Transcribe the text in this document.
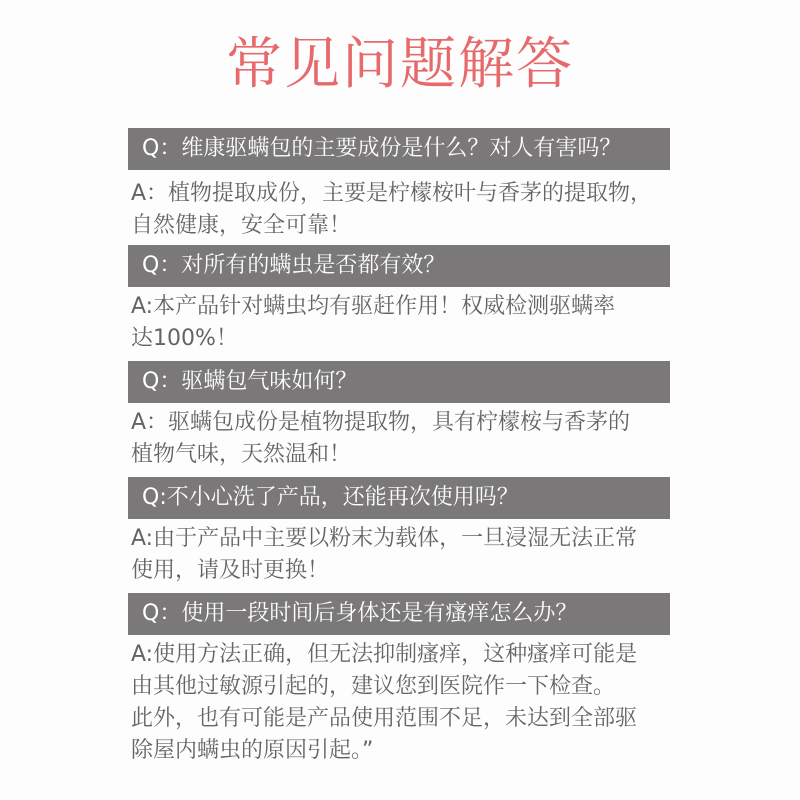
常见问题解答
Q：维康驱螨包的主要成份是什么？对人有害吗？
A：植物提取成份，主要是柠檬桉叶与香茅的提取物，
自然健康，安全可靠！
Q：对所有的螨虫是否都有效？
A:本产品针对螨虫均有驱赶作用！权威检测驱螨率
达100%！
Q：驱螨包气味如何？
A：驱螨包成份是植物提取物，具有柠檬桉与香茅的
植物气味，天然温和！
Q:不小心洗了产品，还能再次使用吗？
A:由于产品中主要以粉末为载体，一旦浸湿无法正常
使用，请及时更换！
Q：使用一段时间后身体还是有瘙痒怎么办？
A:使用方法正确，但无法抑制瘙痒，这种瘙痒可能是
由其他过敏源引起的，建议您到医院作一下检查。
此外，也有可能是产品使用范围不足，未达到全部驱
除屋内螨虫的原因引起。”
